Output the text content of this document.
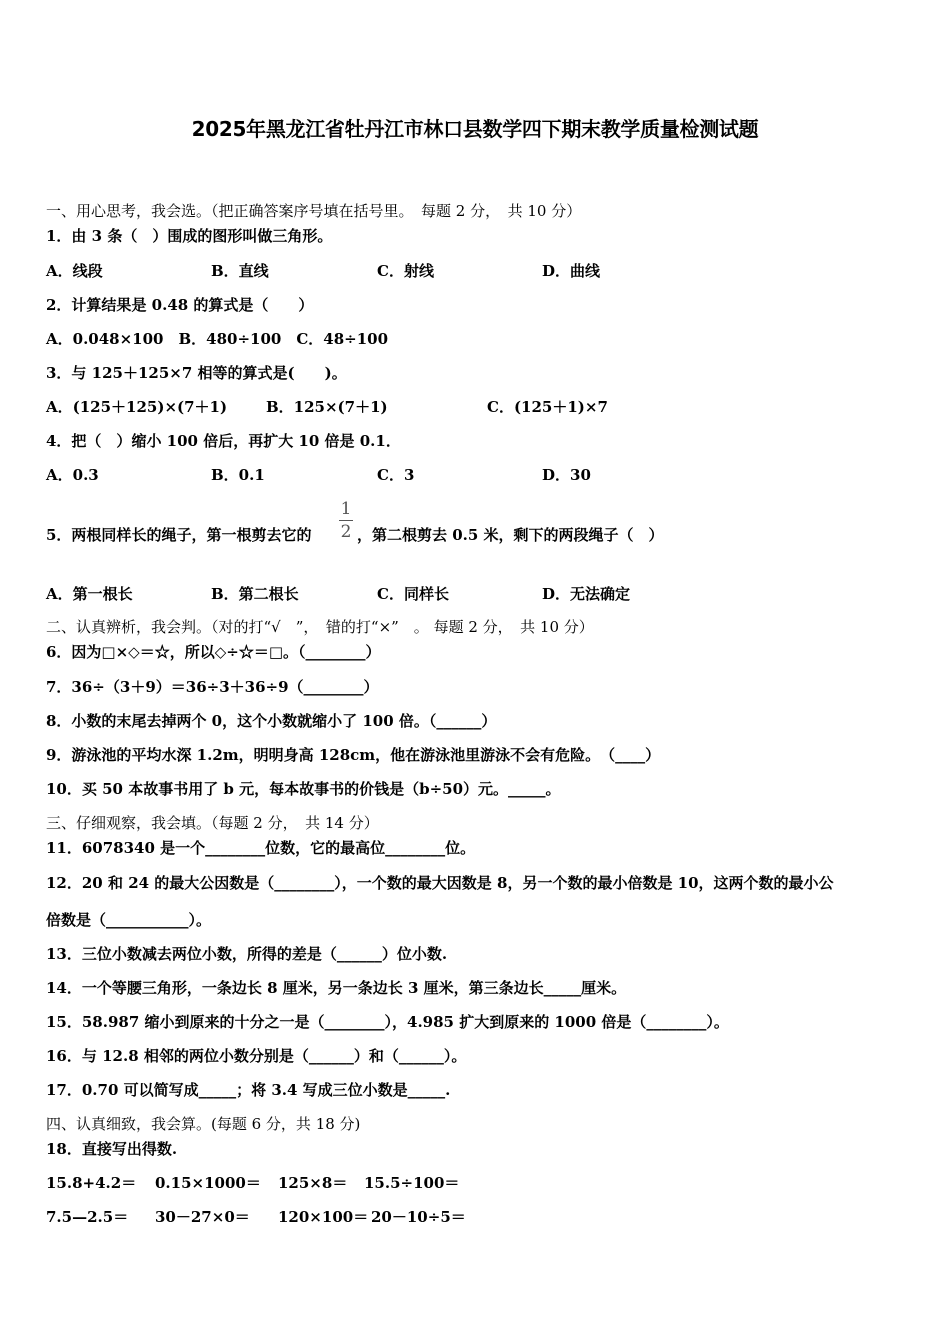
2025年黑龙江省牡丹江市林口县数学四下期末教学质量检测试题
一、用心思考，我会选。（把正确答案序号填在括号里。　每题 2 分，　共 10 分）
1．由 3 条（　）围成的图形叫做三角形。
A．线段	B．直线	C．射线	D．曲线
2．计算结果是 0.48 的算式是（　　）
A．0.048×100　B．480÷100　C．48÷100
3．与 125＋125×7 相等的算式是(　　)。
A．(125＋125)×(7＋1)	B．125×(7＋1)	C．(125＋1)×7
4．把（　）缩小 100 倍后，再扩大 10 倍是 0.1．
A．0.3	B．0.1	C．3	D．30
5．两根同样长的绳子，第一根剪去它的
1
2 ，第二根剪去 0.5 米，剩下的两段绳子（　）
A．第一根长	B．第二根长	C．同样长	D．无法确定
二、认真辨析，我会判。（对的打“√　”，　错的打“×”　。 每题 2 分，　共 10 分）
6．因为□×◇＝☆，所以◇÷☆＝□。（________）
7．36÷（3＋9）＝36÷3＋36÷9（________）
8．小数的末尾去掉两个 0，这个小数就缩小了 100 倍。（______）
9．游泳池的平均水深 1.2m，明明身高 128cm，他在游泳池里游泳不会有危险。　（____）
10．买 50 本故事书用了 b 元，每本故事书的价钱是（b÷50）元。_____。
三、仔细观察，我会填。（每题 2 分，　共 14 分）
11．6078340 是一个________位数，它的最高位________位。
12．20 和 24 的最大公因数是（________），一个数的最大因数是 8，另一个数的最小倍数是 10，这两个数的最小公
倍数是（___________）。
13．三位小数减去两位小数，所得的差是（______）位小数.
14．一个等腰三角形，一条边长 8 厘米，另一条边长 3 厘米，第三条边长_____厘米。
15．58.987 缩小到原来的十分之一是（________），4.985 扩大到原来的 1000 倍是（________）。
16．与 12.8 相邻的两位小数分别是（______）和（______）。
17．0.70 可以简写成_____；将 3.4 写成三位小数是_____.
四、认真细致，我会算。(每题 6 分，共 18 分)
18．直接写出得数.
15.8+4.2＝ 0.15×1000＝ 125×8＝ 15.5÷100＝
7.5—2.5＝ 30－27×0＝ 120×100＝ 20－10÷5＝
